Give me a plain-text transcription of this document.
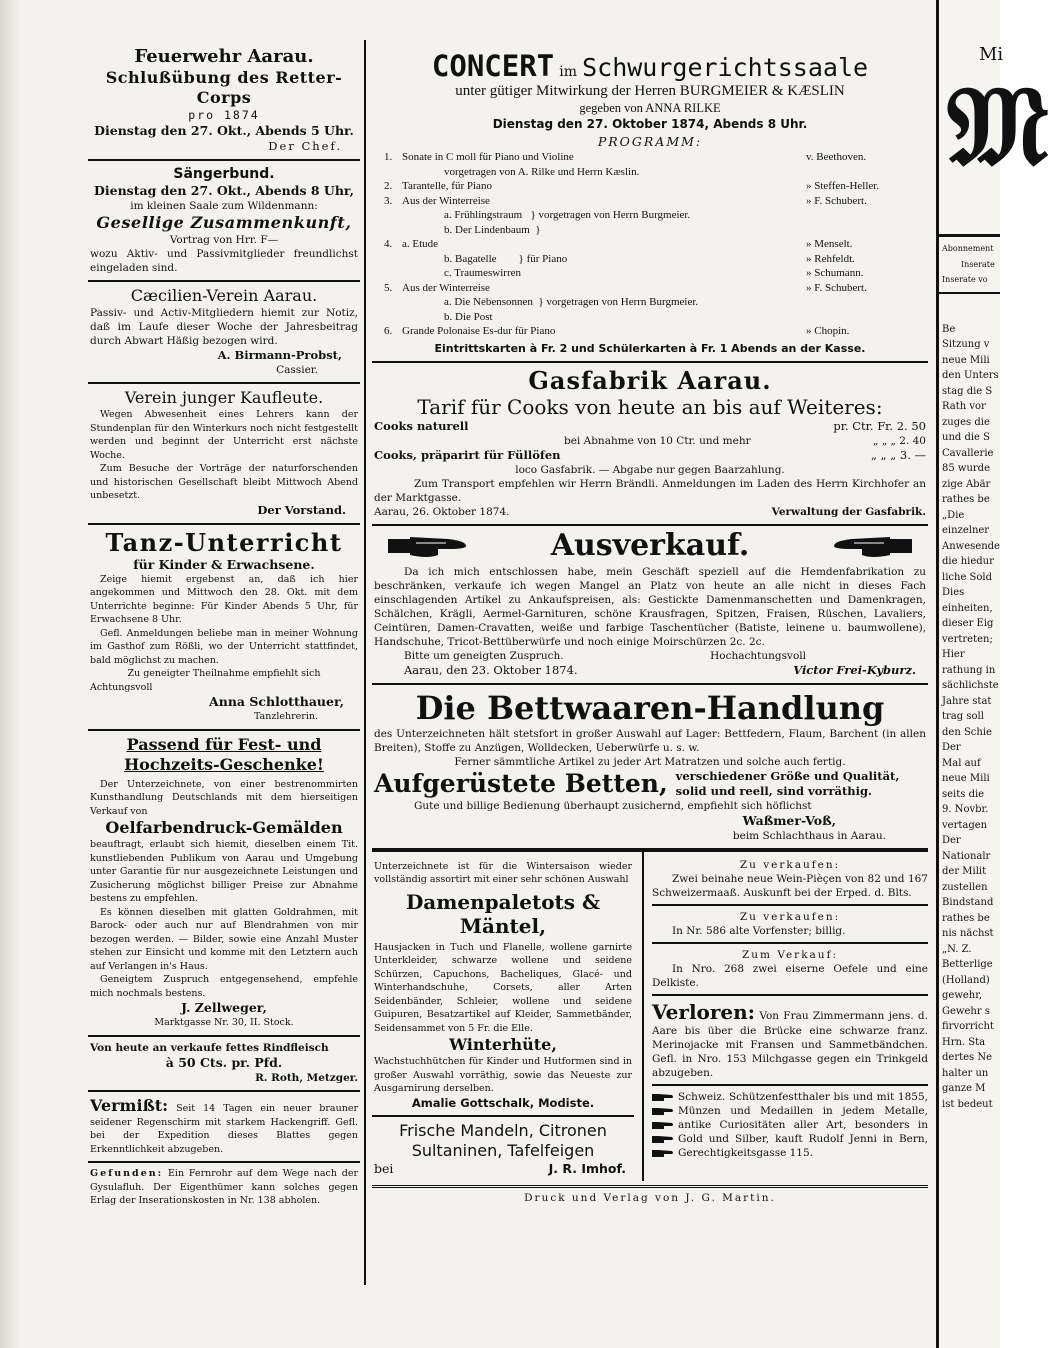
Feuerwehr Aarau.
Schlußübung des Retter-Corps
pro 1874
Dienstag den 27. Okt., Abends 5 Uhr.
Der Chef.
Sängerbund.
Dienstag den 27. Okt., Abends 8 Uhr,
im kleinen Saale zum Wildenmann:
Gesellige Zusammenkunft,
Vortrag von Hrr. F—
wozu Aktiv- und Passivmitglieder freundlichst eingeladen sind.
Cæcilien-Verein Aarau.
Passiv- und Activ-Mitgliedern hiemit zur Notiz, daß im Laufe dieser Woche der Jahresbeitrag durch Abwart Häßig bezogen wird.
A. Birmann-Probst,
Cassier.
Verein junger Kaufleute.
Wegen Abwesenheit eines Lehrers kann der Stundenplan für den Winterkurs noch nicht festgestellt werden und beginnt der Unterricht erst nächste Woche.
Zum Besuche der Vorträge der naturforschenden und historischen Gesellschaft bleibt Mittwoch Abend unbesetzt.
Der Vorstand.
Tanz-Unterricht
für Kinder & Erwachsene.
Zeige hiemit ergebenst an, daß ich hier angekommen und Mittwoch den 28. Okt. mit dem Unterrichte beginne: Für Kinder Abends 5 Uhr, für Erwachsene 8 Uhr.
Gefl. Anmeldungen beliebe man in meiner Wohnung im Gasthof zum Rößli, wo der Unterricht stattfindet, bald möglichst zu machen.
Zu geneigter Theilnahme empfiehlt sich
Achtungsvoll
Anna Schlotthauer,
Tanzlehrerin.
Passend für Fest- und Hochzeits-Geschenke!
Der Unterzeichnete, von einer bestrenommirten Kunsthandlung Deutschlands mit dem hierseitigen Verkauf von
Oelfarbendruck-Gemälden
beauftragt, erlaubt sich hiemit, dieselben einem Tit. kunstliebenden Publikum von Aarau und Umgebung unter Garantie für nur ausgezeichnete Leistungen und Zusicherung möglichst billiger Preise zur Abnahme bestens zu empfehlen.
Es können dieselben mit glatten Goldrahmen, mit Barock- oder auch nur auf Blendrahmen von mir bezogen werden. — Bilder, sowie eine Anzahl Muster stehen zur Einsicht und komme mit den Letztern auch auf Verlangen in's Haus.
Geneigtem Zuspruch entgegensehend, empfehle mich nochmals bestens.
J. Zellweger,
Marktgasse Nr. 30, II. Stock.
Von heute an verkaufe fettes Rindfleisch
à 50 Cts. pr. Pfd.
R. Roth, Metzger.
Vermißt: Seit 14 Tagen ein neuer brauner seidener Regenschirm mit starkem Hackengriff. Gefl. bei der Expedition dieses Blattes gegen Erkenntlichkeit abzugeben.
Gefunden: Ein Fernrohr auf dem Wege nach der Gysulafluh. Der Eigenthümer kann solches gegen Erlag der Inserationskosten in Nr. 138 abholen.
CONCERT im Schwurgerichtssaale
unter gütiger Mitwirkung der Herren BURGMEIER & KÆSLIN
gegeben von ANNA RILKE
Dienstag den 27. Oktober 1874, Abends 8 Uhr.
PROGRAMM:
1. Sonate in C moll für Piano und Violine	v. Beethoven.
vorgetragen von A. Rilke und Herrn Kæslin.
2. Tarantelle, für Piano	» Steffen-Heller.
3. Aus der Winterreise	» F. Schubert.
a. Frühlingstraum   } vorgetragen von Herrn Burgmeier.
b. Der Lindenbaum  }
4. a. Etude	» Menselt.
b. Bagatelle        } für Piano	» Rehfeldt.
c. Traumeswirren	» Schumann.
5. Aus der Winterreise	» F. Schubert.
a. Die Nebensonnen  } vorgetragen von Herrn Burgmeier.
b. Die Post
6. Grande Polonaise Es-dur für Piano	» Chopin.
Eintrittskarten à Fr. 2 und Schülerkarten à Fr. 1 Abends an der Kasse.
Gasfabrik Aarau.
Tarif für Cooks von heute an bis auf Weiteres:
Cooks naturell	pr. Ctr. Fr. 2. 50
bei Abnahme von 10 Ctr. und mehr	„ „ „ 2. 40
Cooks, präparirt für Füllöfen	„ „ „ 3. —
loco Gasfabrik. — Abgabe nur gegen Baarzahlung.
Zum Transport empfehlen wir Herrn Brändli. Anmeldungen im Laden des Herrn Kirchhofer an der Marktgasse.
Aarau, 26. Oktober 1874.	Verwaltung der Gasfabrik.
Ausverkauf.
Da ich mich entschlossen habe, mein Geschäft speziell auf die Hemdenfabrikation zu beschränken, verkaufe ich wegen Mangel an Platz von heute an alle nicht in dieses Fach einschlagenden Artikel zu Ankaufspreisen, als: Gestickte Damenmanschetten und Damenkragen, Schälchen, Krägli, Aermel-Garnituren, schöne Krausfragen, Spitzen, Fraisen, Rüschen, Lavaliers, Ceintüren, Damen-Cravatten, weiße und farbige Taschentücher (Batiste, leinene u. baumwollene), Handschuhe, Tricot-Bettüberwürfe und noch einige Moirschürzen 2c. 2c.
Bitte um geneigten Zuspruch.	Hochachtungsvoll
Aarau, den 23. Oktober 1874.	Victor Frei-Kyburz.
Die Bettwaaren-Handlung
des Unterzeichneten hält stetsfort in großer Auswahl auf Lager: Bettfedern, Flaum, Barchent (in allen Breiten), Stoffe zu Anzügen, Wolldecken, Ueberwürfe u. s. w.
Ferner sämmtliche Artikel zu jeder Art Matratzen und solche auch fertig.
Aufgerüstete Betten, verschiedener Größe und Qualität, solid und reell, sind vorräthig.
Gute und billige Bedienung überhaupt zusichernd, empfiehlt sich höflichst
Waßmer-Voß,
beim Schlachthaus in Aarau.
Unterzeichnete ist für die Wintersaison wieder vollständig assortirt mit einer sehr schönen Auswahl
Damenpaletots & Mäntel,
Hausjacken in Tuch und Flanelle, wollene garnirte Unterkleider, schwarze wollene und seidene Schürzen, Capuchons, Bacheliques, Glacé- und Winterhandschuhe, Corsets, aller Arten Seidenbänder, Schleier, wollene und seidene Guipuren, Besatzartikel auf Kleider, Sammetbänder, Seidensammet von 5 Fr. die Elle.
Winterhüte,
Wachstuchhütchen für Kinder und Hutformen sind in großer Auswahl vorräthig, sowie das Neueste zur Ausgarnirung derselben.
Amalie Gottschalk, Modiste.
Frische Mandeln, Citronen
Sultaninen, Tafelfeigen
bei	J. R. Imhof.
Zu verkaufen:
Zwei beinahe neue Wein-Pièçen von 82 und 167 Schweizermaaß. Auskunft bei der Erped. d. Blts.
Zu verkaufen:
In Nr. 586 alte Vorfenster; billig.
Zum Verkauf:
In Nro. 268 zwei eiserne Oefele und eine Delkiste.
Verloren: Von Frau Zimmermann jens. d. Aare bis über die Brücke eine schwarze franz. Merinojacke mit Fransen und Sammetbändchen. Gefl. in Nro. 153 Milchgasse gegen ein Trinkgeld abzugeben.
Schweiz. Schützenfestthaler bis und mit 1855, Münzen und Medaillen in jedem Metalle, antike Curiositäten aller Art, besonders in Gold und Silber, kauft Rudolf Jenni in Bern, Gerechtigkeitsgasse 115.
Druck und Verlag von J. G. Martin.
Mi
𝔐
Abonnement
Inserate
Inserate vo
Be
Sitzung v
neue Mili
den Unters
stag die S
Rath vor
zuges die
und die S
Cavallerie
85 wurde
zige Abär
rathes be
„Die
einzelner
Anwesende
die hiedur
liche Sold
Dies
einheiten,
dieser Eig
vertreten;
Hier
rathung in
sächlichste
Jahre stat
trag soll
den Schie
Der
Mal auf
neue Mili
seits die
9. Novbr.
vertagen
Der
Nationalr
der Milit
zustellen
Bindstand
rathes be
nis nächst
„N. Z.
Betterlige
(Holland)
gewehr,
Gewehr s
firvorricht
Hrn. Sta
dertes Ne
halter un
ganze M
ist bedeut
